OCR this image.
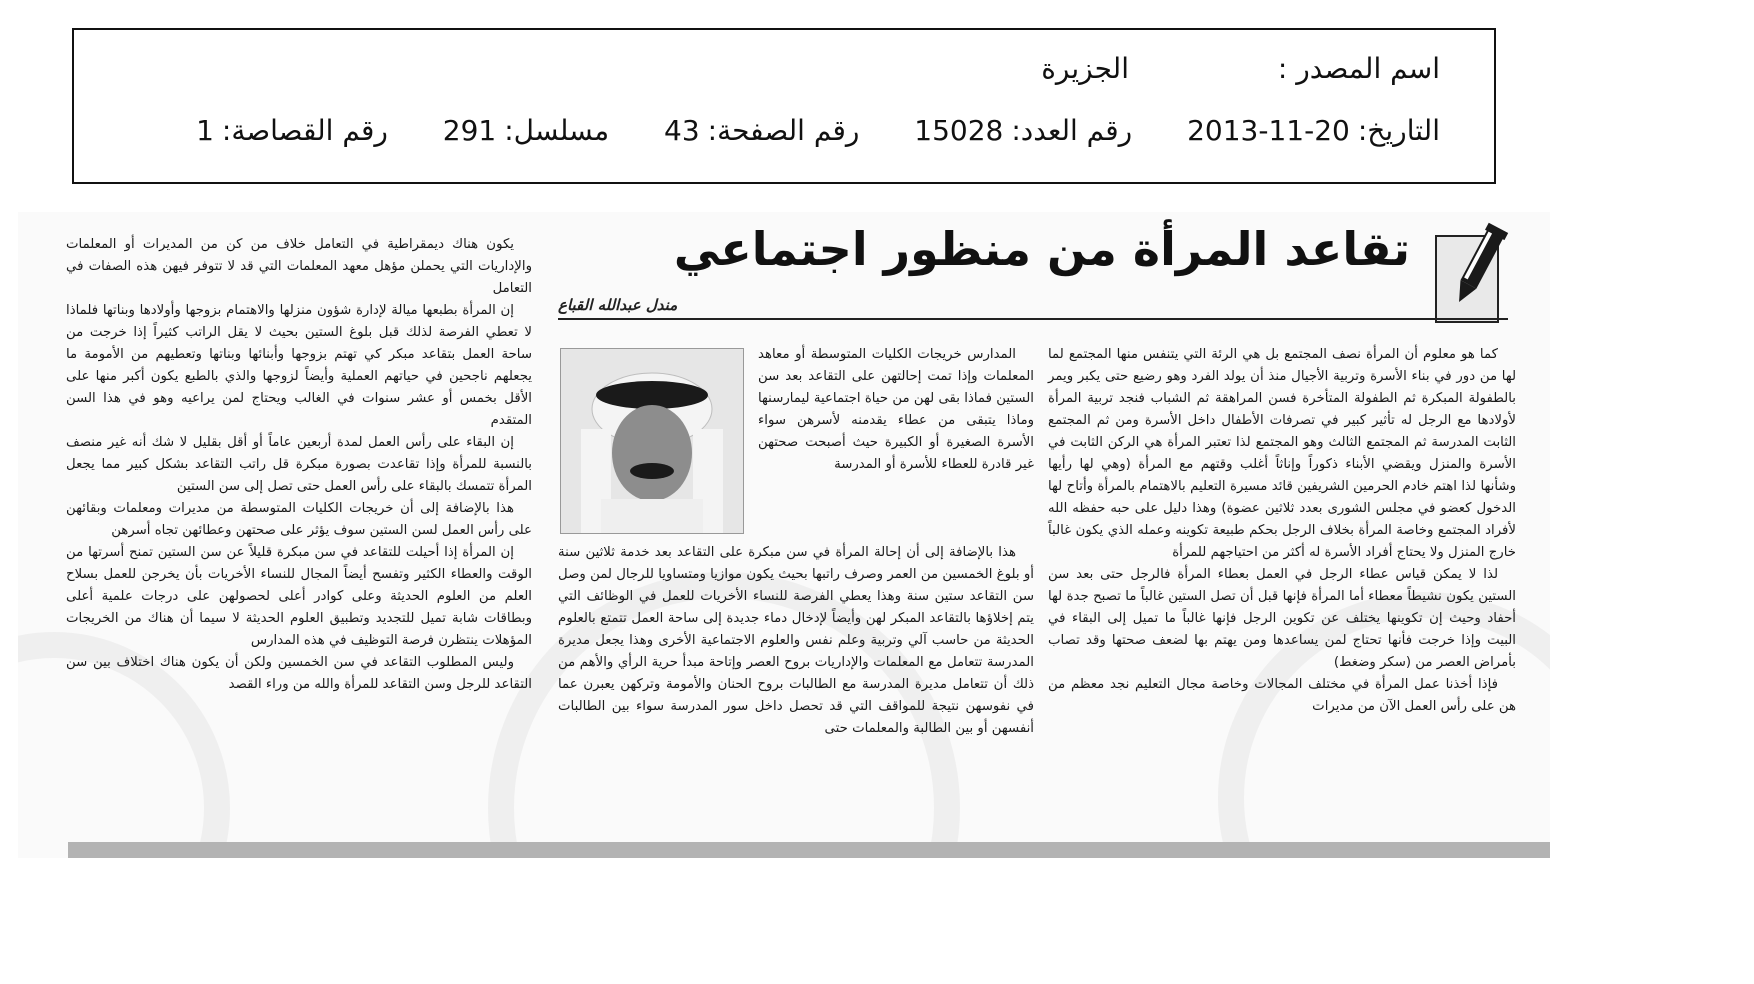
اسم المصدر : الجزيرة
التاريخ:20-11-2013 رقم العدد:15028 رقم الصفحة:43 مسلسل:291 رقم القصاصة:1
تقاعد المرأة من منظور اجتماعي
مندل عبدالله القباع

كما هو معلوم أن المرأة نصف المجتمع بل هي الرئة التي يتنفس منها المجتمع لما لها من دور في بناء الأسرة وتربية الأجيال منذ أن يولد الفرد وهو رضيع حتى يكبر ويمر بالطفولة المبكرة ثم الطفولة المتأخرة فسن المراهقة ثم الشباب فنجد تربية المرأة لأولادها مع الرجل له تأثير كبير في تصرفات الأطفال داخل الأسرة ومن ثم المجتمع الثابت المدرسة ثم المجتمع الثالث وهو المجتمع لذا تعتبر المرأة هي الركن الثابت في الأسرة والمنزل ويقضي الأبناء ذكوراً وإناثاً أغلب وقتهم مع المرأة (وهي لها رأيها وشأنها لذا اهتم خادم الحرمين الشريفين قائد مسيرة التعليم بالاهتمام بالمرأة وأتاح لها الدخول كعضو في مجلس الشورى بعدد ثلاثين عضوة) وهذا دليل على حبه حفظه الله لأفراد المجتمع وخاصة المرأة بخلاف الرجل بحكم طبيعة تكوينه وعمله الذي يكون غالباً خارج المنزل ولا يحتاج أفراد الأسرة له أكثر من احتياجهم للمرأة

لذا لا يمكن قياس عطاء الرجل في العمل بعطاء المرأة فالرجل حتى بعد سن الستين يكون نشيطاً معطاء أما المرأة فإنها قبل أن تصل الستين غالباً ما تصبح جدة لها أحفاد وحيث إن تكوينها يختلف عن تكوين الرجل فإنها غالباً ما تميل إلى البقاء في البيت وإذا خرجت فأنها تحتاج لمن يساعدها ومن يهتم بها لضعف صحتها وقد تصاب بأمراض العصر من (سكر وضغط)

فإذا أخذنا عمل المرأة في مختلف المجالات وخاصة مجال التعليم نجد معظم من هن على رأس العمل الآن من مديرات

المدارس خريجات الكليات المتوسطة أو معاهد المعلمات وإذا تمت إحالتهن على التقاعد بعد سن الستين فماذا بقى لهن من حياة اجتماعية ليمارسنها وماذا يتبقى من عطاء يقدمنه لأسرهن سواء الأسرة الصغيرة أو الكبيرة حيث أصبحت صحتهن غير قادرة للعطاء للأسرة أو المدرسة

هذا بالإضافة إلى أن إحالة المرأة في سن مبكرة على التقاعد بعد خدمة ثلاثين سنة أو بلوغ الخمسين من العمر وصرف راتبها بحيث يكون موازيا ومتساويا للرجال لمن وصل سن التقاعد ستين سنة وهذا يعطي الفرصة للنساء الأخريات للعمل في الوظائف التي يتم إخلاؤها بالتقاعد المبكر لهن وأيضاً لإدخال دماء جديدة إلى ساحة العمل تتمتع بالعلوم الحديثة من حاسب آلي وتربية وعلم نفس والعلوم الاجتماعية الأخرى وهذا يجعل مديرة المدرسة تتعامل مع المعلمات والإداريات بروح العصر وإتاحة مبدأ حرية الرأي والأهم من ذلك أن تتعامل مديرة المدرسة مع الطالبات بروح الحنان والأمومة وتركهن يعبرن عما في نفوسهن نتيجة للمواقف التي قد تحصل داخل سور المدرسة سواء بين الطالبات أنفسهن أو بين الطالبة والمعلمات حتى

يكون هناك ديمقراطية في التعامل خلاف من كن من المديرات أو المعلمات والإداريات التي يحملن مؤهل معهد المعلمات التي قد لا تتوفر فيهن هذه الصفات في التعامل

إن المرأة بطبعها ميالة لإدارة شؤون منزلها والاهتمام بزوجها وأولادها وبناتها فلماذا لا تعطي الفرصة لذلك قبل بلوغ الستين بحيث لا يقل الراتب كثيراً إذا خرجت من ساحة العمل بتقاعد مبكر كي تهتم بزوجها وأبنائها وبناتها وتعطيهم من الأمومة ما يجعلهم ناجحين في حياتهم العملية وأيضاً لزوجها والذي بالطبع يكون أكبر منها على الأقل بخمس أو عشر سنوات في الغالب ويحتاج لمن يراعيه وهو في هذا السن المتقدم

إن البقاء على رأس العمل لمدة أربعين عاماً أو أقل بقليل لا شك أنه غير منصف بالنسبة للمرأة وإذا تقاعدت بصورة مبكرة قل راتب التقاعد بشكل كبير مما يجعل المرأة تتمسك بالبقاء على رأس العمل حتى تصل إلى سن الستين

هذا بالإضافة إلى أن خريجات الكليات المتوسطة من مديرات ومعلمات وبقائهن على رأس العمل لسن الستين سوف يؤثر على صحتهن وعطائهن تجاه أسرهن

إن المرأة إذا أحيلت للتقاعد في سن مبكرة قليلاً عن سن الستين تمنح أسرتها من الوقت والعطاء الكثير وتفسح أيضاً المجال للنساء الأخريات بأن يخرجن للعمل بسلاح العلم من العلوم الحديثة وعلى كوادر أعلى لحصولهن على درجات علمية أعلى وبطاقات شابة تميل للتجديد وتطبيق العلوم الحديثة لا سيما أن هناك من الخريجات المؤهلات ينتظرن فرصة التوظيف في هذه المدارس

وليس المطلوب التقاعد في سن الخمسين ولكن أن يكون هناك اختلاف بين سن التقاعد للرجل وسن التقاعد للمرأة والله من وراء القصد
